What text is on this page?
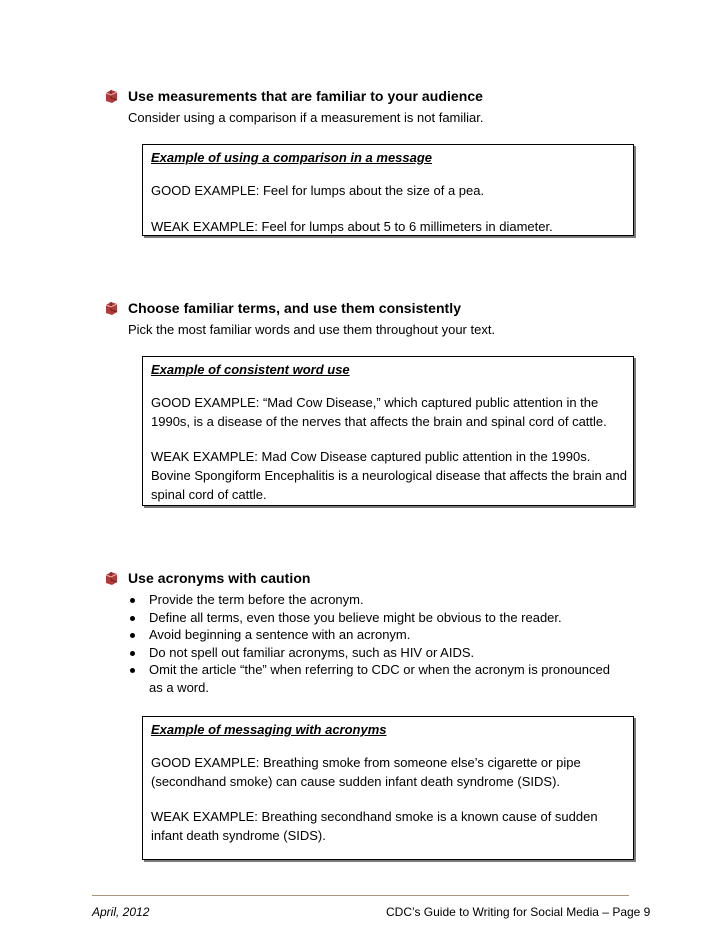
Use measurements that are familiar to your audience
Consider using a comparison if a measurement is not familiar.
Example of using a comparison in a message
GOOD EXAMPLE: Feel for lumps about the size of a pea.
WEAK EXAMPLE: Feel for lumps about 5 to 6 millimeters in diameter.
Choose familiar terms, and use them consistently
Pick the most familiar words and use them throughout your text.
Example of consistent word use
GOOD EXAMPLE: “Mad Cow Disease,” which captured public attention in the 1990s, is a disease of the nerves that affects the brain and spinal cord of cattle.
WEAK EXAMPLE: Mad Cow Disease captured public attention in the 1990s. Bovine Spongiform Encephalitis is a neurological disease that affects the brain and spinal cord of cattle.
Use acronyms with caution
Provide the term before the acronym.
Define all terms, even those you believe might be obvious to the reader.
Avoid beginning a sentence with an acronym.
Do not spell out familiar acronyms, such as HIV or AIDS.
Omit the article “the” when referring to CDC or when the acronym is pronounced as a word.
Example of messaging with acronyms
GOOD EXAMPLE: Breathing smoke from someone else’s cigarette or pipe (secondhand smoke) can cause sudden infant death syndrome (SIDS).
WEAK EXAMPLE: Breathing secondhand smoke is a known cause of sudden infant death syndrome (SIDS).
April, 2012	CDC’s Guide to Writing for Social Media – Page 9
